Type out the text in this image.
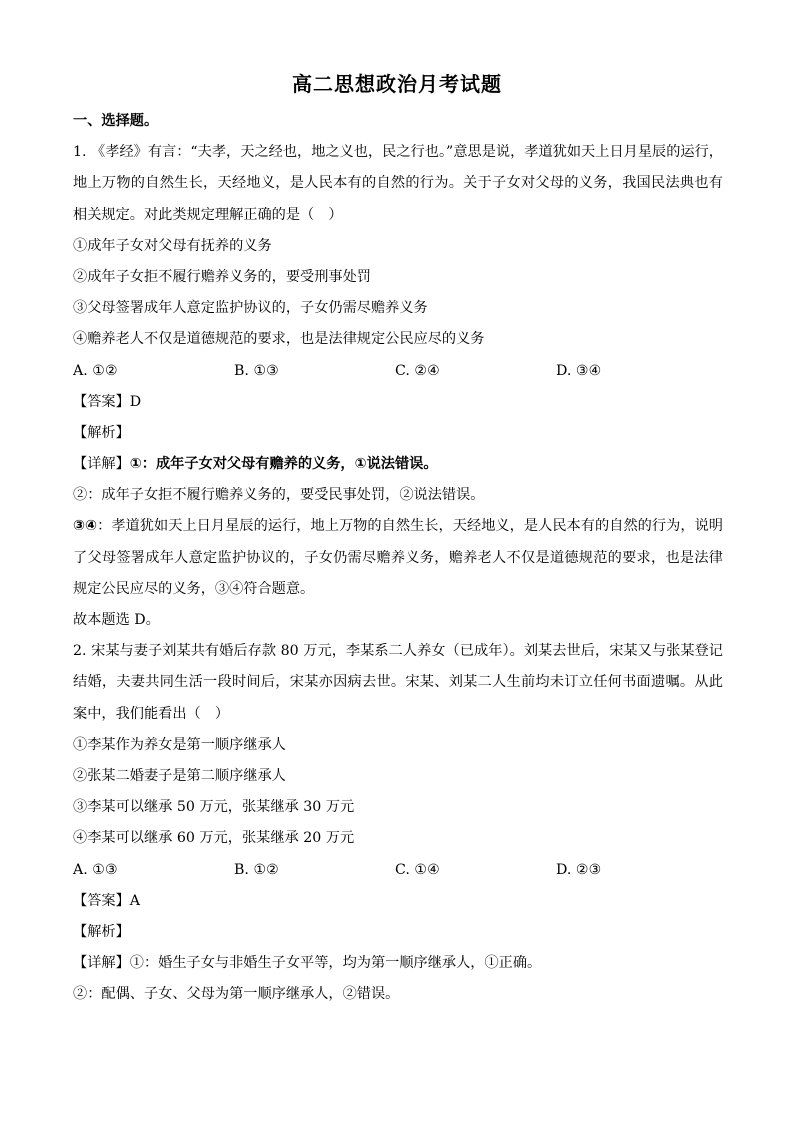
高二思想政治月考试题
一、选择题。
1. 《孝经》有言：“夫孝，天之经也，地之义也，民之行也。”意思是说，孝道犹如天上日月星辰的运行，地上万物的自然生长，天经地义，是人民本有的自然的行为。关于子女对父母的义务，我国民法典也有相关规定。对此类规定理解正确的是（　）
①成年子女对父母有抚养的义务
②成年子女拒不履行赡养义务的，要受刑事处罚
③父母签署成年人意定监护协议的，子女仍需尽赡养义务
④赡养老人不仅是道德规范的要求，也是法律规定公民应尽的义务
A. ①②	B. ①③	C. ②④	D. ③④
【答案】D
【解析】
【详解】①：成年子女对父母有赡养的义务，①说法错误。
②：成年子女拒不履行赡养义务的，要受民事处罚，②说法错误。
③④：孝道犹如天上日月星辰的运行，地上万物的自然生长，天经地义，是人民本有的自然的行为，说明了父母签署成年人意定监护协议的，子女仍需尽赡养义务，赡养老人不仅是道德规范的要求，也是法律规定公民应尽的义务，③④符合题意。
故本题选 D。
2. 宋某与妻子刘某共有婚后存款 80 万元，李某系二人养女（已成年）。刘某去世后，宋某又与张某登记结婚，夫妻共同生活一段时间后，宋某亦因病去世。宋某、刘某二人生前均未订立任何书面遗嘱。从此案中，我们能看出（　）
①李某作为养女是第一顺序继承人
②张某二婚妻子是第二顺序继承人
③李某可以继承 50 万元，张某继承 30 万元
④李某可以继承 60 万元，张某继承 20 万元
A. ①③	B. ①②	C. ①④	D. ②③
【答案】A
【解析】
【详解】①：婚生子女与非婚生子女平等，均为第一顺序继承人，①正确。
②：配偶、子女、父母为第一顺序继承人，②错误。
